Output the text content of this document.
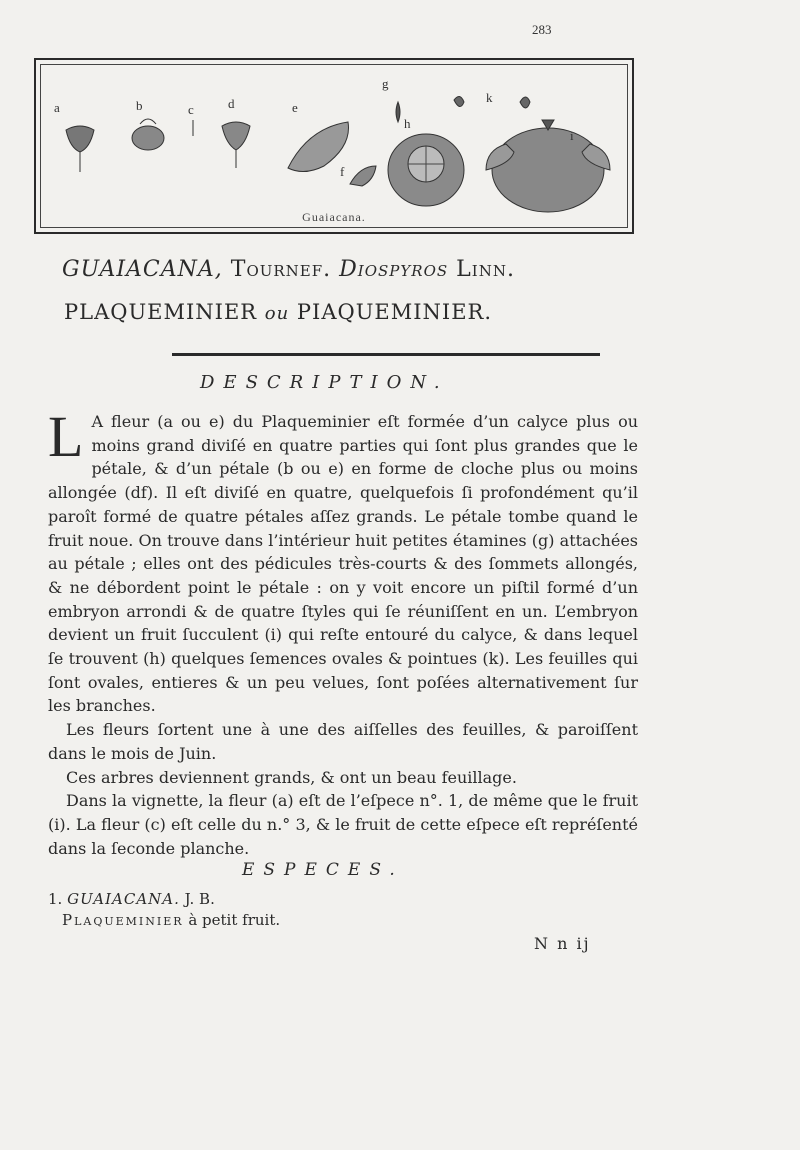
a	b	c	d	e
f
g
h
i
k
Guaiacana.
283
GUAIACANA, Tournef. Diospyros Linn.
PLAQUEMINIER ou PIAQUEMINIER.
DESCRIPTION.

L A fleur (a ou e) du Plaqueminier eſt formée d’un calyce plus ou moins grand diviſé en quatre parties qui ſont plus grandes que le pétale, & d’un pétale (b ou e) en forme de cloche plus ou moins allongée (df). Il eſt diviſé en quatre, quelquefois ſi profondément qu’il paroît formé de quatre pétales aſſez grands. Le pétale tombe quand le fruit noue. On trouve dans l’intérieur huit petites étamines (g) attachées au pétale ; elles ont des pédicules très-courts & des ſommets allongés, & ne débordent point le pétale : on y voit encore un piſtil formé d’un embryon arrondi & de quatre ſtyles qui ſe réuniſſent en un. L’embryon devient un fruit ſucculent (i) qui reſte entouré du calyce, & dans lequel ſe trouvent (h) quelques ſemences ovales & pointues (k). Les feuilles qui ſont ovales, entieres & un peu velues, ſont poſées alternativement ſur les branches.

Les fleurs ſortent une à une des aiſſelles des feuilles, & paroiſſent dans le mois de Juin.

Ces arbres deviennent grands, & ont un beau feuillage.

Dans la vignette, la fleur (a) eſt de l’eſpece n°. 1, de même que le fruit (i). La fleur (c) eſt celle du n.° 3, & le fruit de cette eſpece eſt repréſenté dans la ſeconde planche.

ESPECES.
1. GUAIACANA. J. B.
Plaqueminier à petit fruit.
N n ij
